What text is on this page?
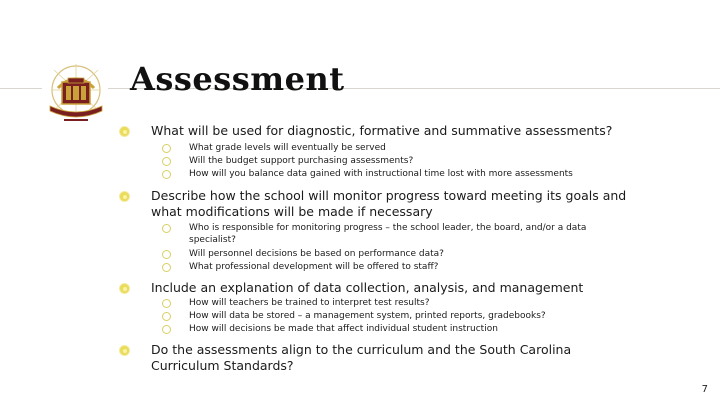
Assessment
What will be used for diagnostic, formative and summative assessments?
What grade levels will eventually be served
Will the budget support purchasing assessments?
How will you balance data gained with instructional time lost with more assessments
Describe how the school will monitor progress toward meeting its goals and what modifications will be made if necessary
Who is responsible for monitoring progress – the school leader, the board, and/or a data specialist?
Will personnel decisions be based on performance data?
What professional development will be offered to staff?
Include an explanation of data collection, analysis, and management
How will teachers be trained to interpret test results?
How will data be stored – a management system, printed reports, gradebooks?
How will decisions be made that affect individual student instruction
Do the assessments align to the curriculum and the South Carolina Curriculum Standards?
7
